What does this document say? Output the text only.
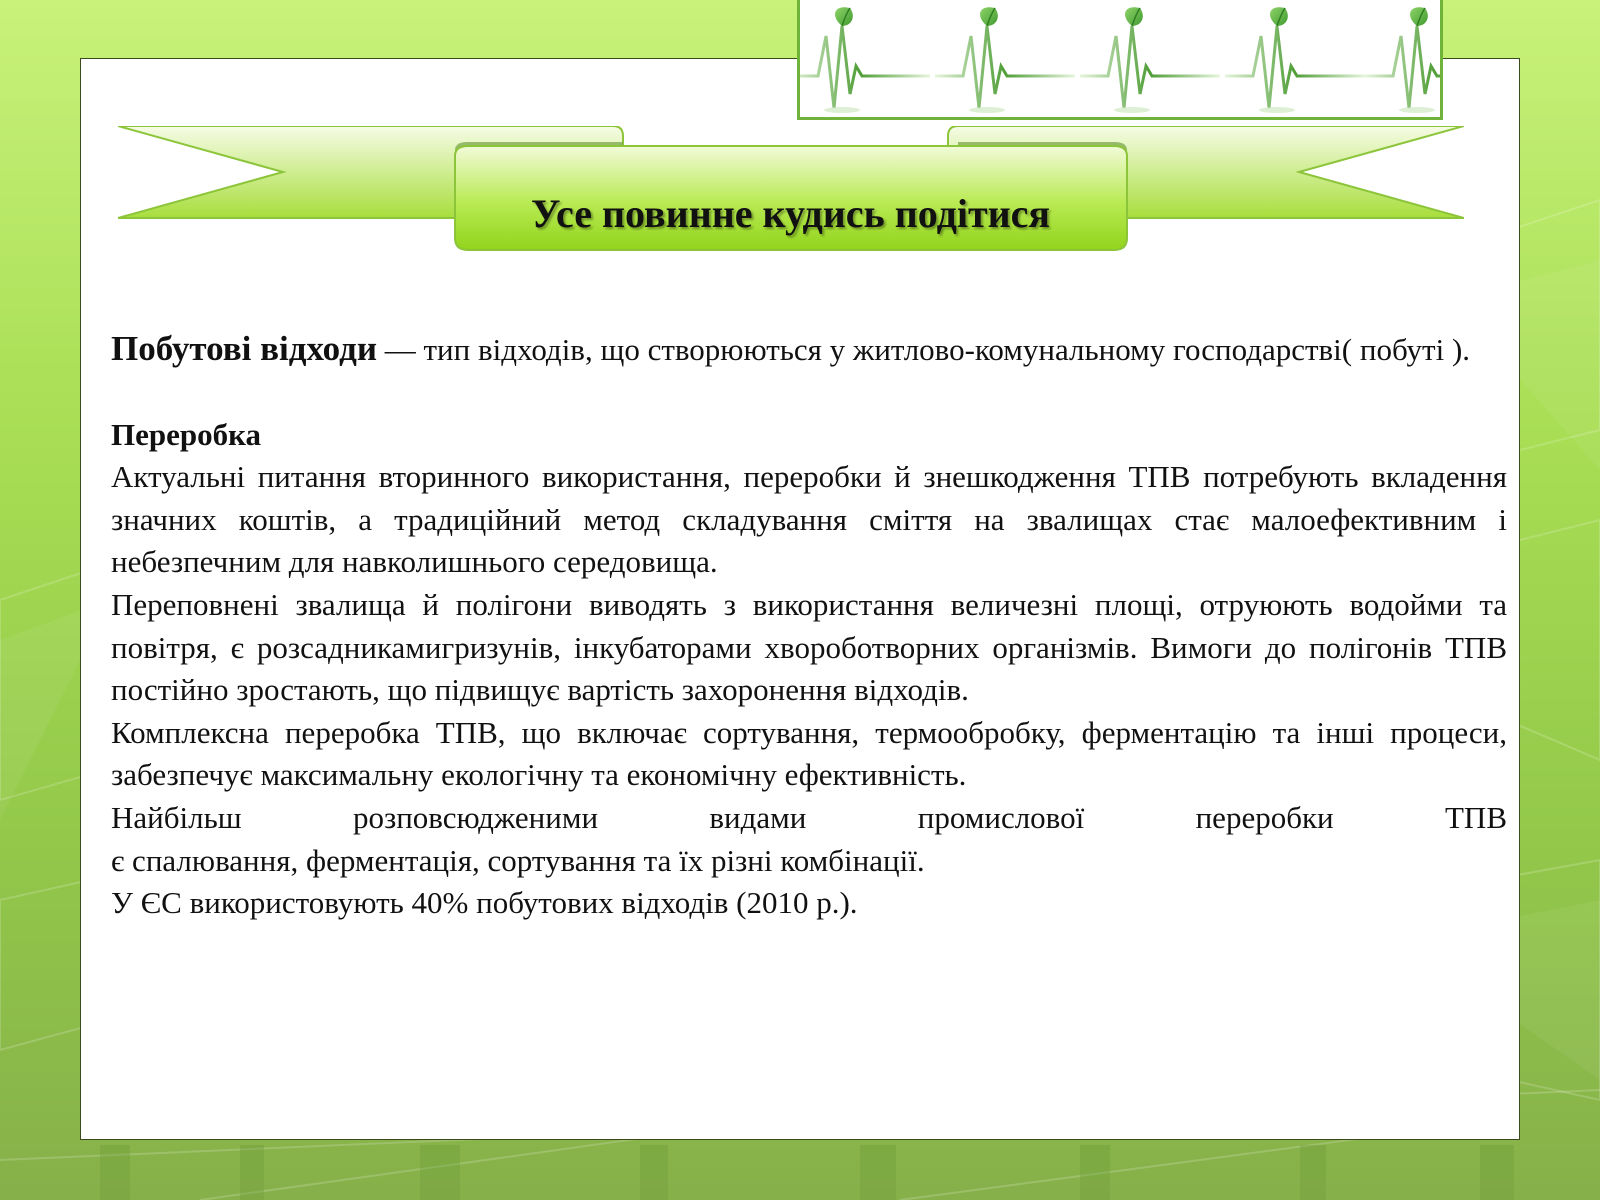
Усе повинне кудись подітися

Побутові відходи — тип відходів, що створюються у житлово-комунальному господарстві( побуті ).

Переробка

Актуальні питання вторинного використання, переробки й знешкодження ТПВ потребують вкладення значних коштів, а традиційний метод складування сміття на звалищах стає малоефективним і небезпечним для навколишнього середовища.

Переповнені звалища й полігони виводять з використання величезні площі, отруюють водойми та повітря, є розсадникамигризунів, інкубаторами хвороботворних організмів. Вимоги до полігонів ТПВ постійно зростають, що підвищує вартість захоронення відходів.

Комплексна переробка ТПВ, що включає сортування, термообробку, ферментацію та інші процеси, забезпечує максимальну екологічну та економічну ефективність.

Найбільш розповсюдженими видами промислової переробки ТПВ

є спалювання, ферментація, сортування та їх різні комбінації.

У ЄС використовують 40% побутових відходів (2010 р.).
